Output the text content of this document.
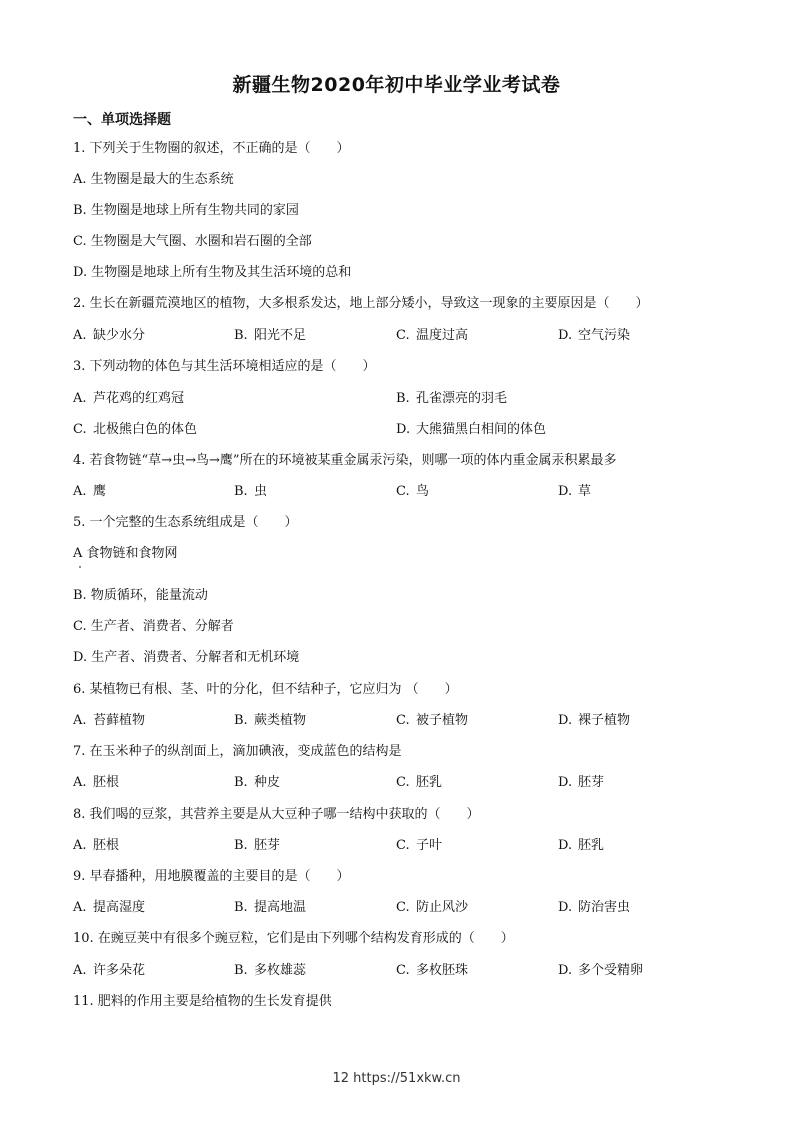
新疆生物2020年初中毕业学业考试卷
一、单项选择题
1. 下列关于生物圈的叙述，不正确的是（　　）
A. 生物圈是最大的生态系统
B. 生物圈是地球上所有生物共同的家园
C. 生物圈是大气圈、水圈和岩石圈的全部
D. 生物圈是地球上所有生物及其生活环境的总和
2. 生长在新疆荒漠地区的植物，大多根系发达，地上部分矮小，导致这一现象的主要原因是（　　）
A. 缺少水分	B. 阳光不足	C. 温度过高	D. 空气污染
3. 下列动物的体色与其生活环境相适应的是（　　）
A. 芦花鸡的红鸡冠	B. 孔雀漂亮的羽毛
C. 北极熊白色的体色	D. 大熊猫黑白相间的体色
4. 若食物链“草→虫→鸟→鹰”所在的环境被某重金属汞污染，则哪一项的体内重金属汞积累最多
A. 鹰	B. 虫	C. 鸟	D. 草
5. 一个完整的生态系统组成是（　　）
A 食物链和食物网
B. 物质循环，能量流动
C. 生产者、消费者、分解者
D. 生产者、消费者、分解者和无机环境
6. 某植物已有根、茎、叶的分化，但不结种子，它应归为 （　　）
A. 苔藓植物	B. 蕨类植物	C. 被子植物	D. 裸子植物
7. 在玉米种子的纵剖面上，滴加碘液，变成蓝色的结构是
A. 胚根	B. 种皮	C. 胚乳	D. 胚芽
8. 我们喝的豆浆，其营养主要是从大豆种子哪一结构中获取的（　　）
A. 胚根	B. 胚芽	C. 子叶	D. 胚乳
9. 早春播种，用地膜覆盖的主要目的是（　　）
A. 提高湿度	B. 提高地温	C. 防止风沙	D. 防治害虫
10. 在豌豆荚中有很多个豌豆粒，它们是由下列哪个结构发育形成的（　　）
A. 许多朵花	B. 多枚雄蕊	C. 多枚胚珠	D. 多个受精卵
11. 肥料的作用主要是给植物的生长发育提供
12 https://51xkw.cn
